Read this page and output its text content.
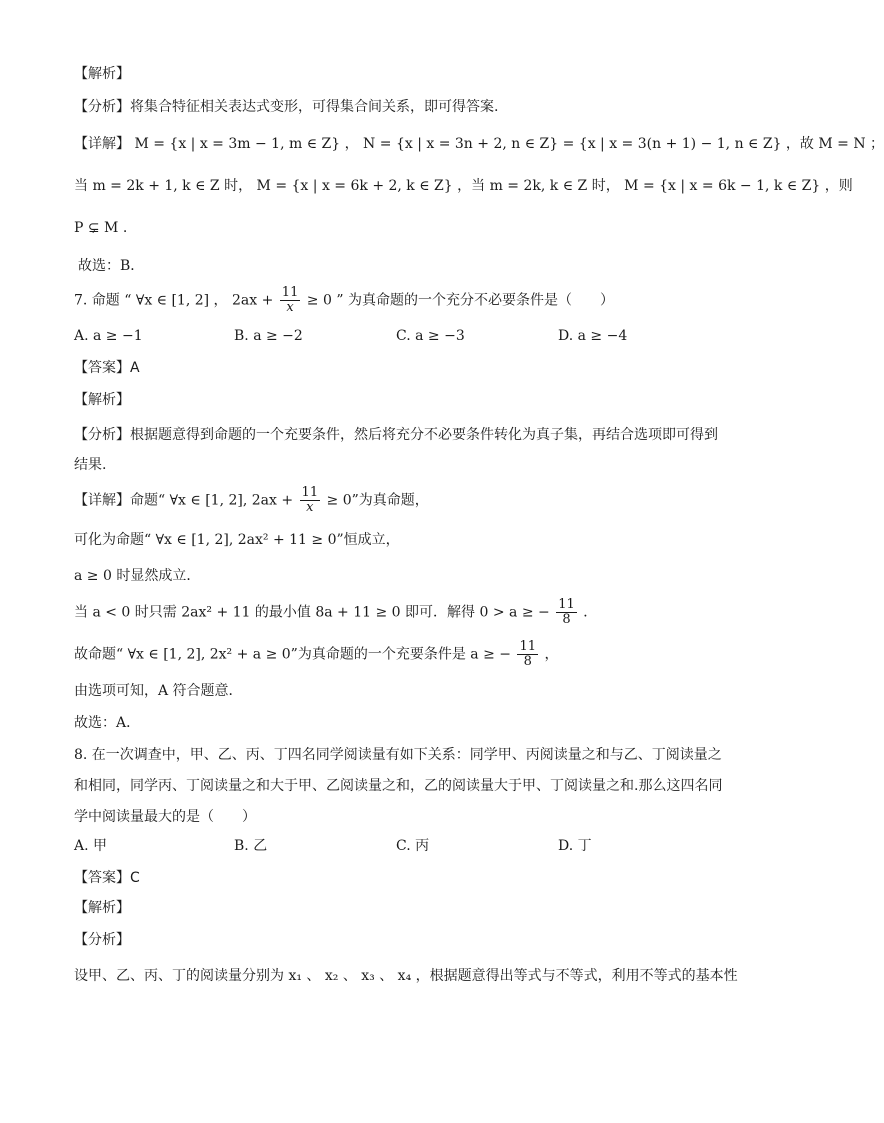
【解析】
【分析】将集合特征相关表达式变形，可得集合间关系，即可得答案.
【详解】 M = {x | x = 3m − 1, m ∈ Z} ， N = {x | x = 3n + 2, n ∈ Z} = {x | x = 3(n + 1) − 1, n ∈ Z} ，故 M = N ；
当 m = 2k + 1, k ∈ Z 时， M = {x | x = 6k + 2, k ∈ Z} ，当 m = 2k, k ∈ Z 时， M = {x | x = 6k − 1, k ∈ Z} ，则
P ⊊ M .
故选：B．
7. 命题 “ ∀x ∈ [1, 2] ， $2ax + \frac{11}{x} \ge 0$ ” 为真命题的一个充分不必要条件是（　　）
A. a ≥ −1	B. a ≥ −2	C. a ≥ −3	D. a ≥ −4
【答案】A
【解析】
【分析】根据题意得到命题的一个充要条件，然后将充分不必要条件转化为真子集，再结合选项即可得到结果.
【详解】命题“ ∀x ∈ [1, 2], $2ax + \frac{11}{x} \ge 0$”为真命题，
可化为命题“ ∀x ∈ [1, 2], 2ax² + 11 ≥ 0”恒成立，
a ≥ 0 时显然成立．
当 a < 0 时只需 2ax² + 11 的最小值 8a + 11 ≥ 0 即可．解得 0 > a ≥ − $\frac{11}{8}$ ．
故命题“ ∀x ∈ [1, 2], 2x² + a ≥ 0”为真命题的一个充要条件是 a ≥ − $\frac{11}{8}$ ，
由选项可知，A 符合题意．
故选：A．
8. 在一次调查中，甲、乙、丙、丁四名同学阅读量有如下关系：同学甲、丙阅读量之和与乙、丁阅读量之和相同，同学丙、丁阅读量之和大于甲、乙阅读量之和，乙的阅读量大于甲、丁阅读量之和.那么这四名同学中阅读量最大的是（　　）
A. 甲	B. 乙	C. 丙	D. 丁
【答案】C
【解析】
【分析】
设甲、乙、丙、丁的阅读量分别为 x₁ 、 x₂ 、 x₃ 、 x₄ ，根据题意得出等式与不等式，利用不等式的基本性
